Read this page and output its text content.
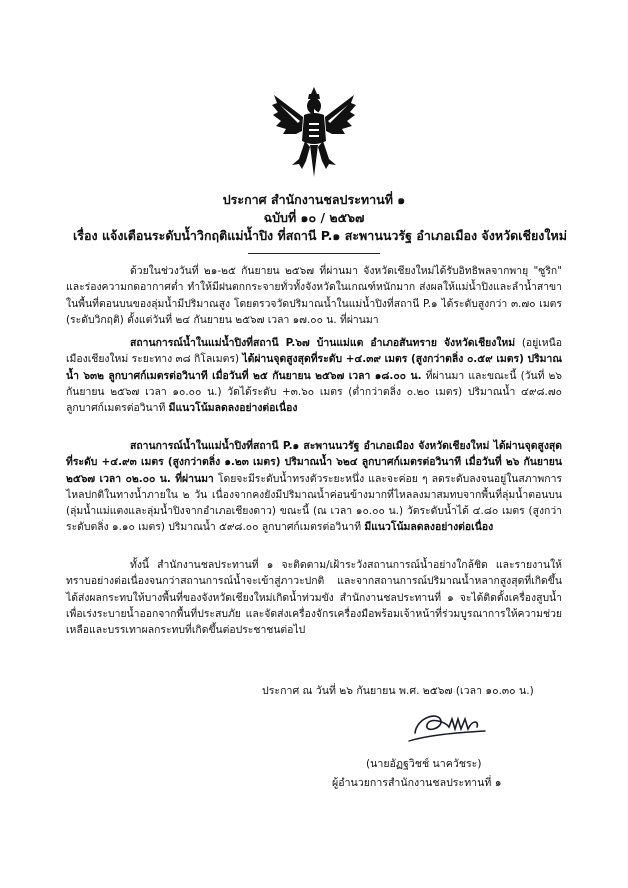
ประกาศ สำนักงานชลประทานที่ ๑
ฉบับที่ ๑๐ / ๒๕๖๗
เรื่อง แจ้งเตือนระดับน้ำวิกฤติแม่น้ำปิง ที่สถานี P.๑ สะพานนวรัฐ อำเภอเมือง จังหวัดเชียงใหม่
ด้วยในช่วงวันที่ ๒๑-๒๕ กันยายน ๒๕๖๗ ที่ผ่านมา จังหวัดเชียงใหม่ได้รับอิทธิพลจากพายุ "ซูริก" และร่องความกดอากาศต่ำ ทำให้มีฝนตกกระจายทั่วทั้งจังหวัดในเกณฑ์หนักมาก ส่งผลให้แม่น้ำปิงและลำน้ำสาขาในพื้นที่ตอนบนของลุ่มน้ำมีปริมาณสูง โดยตรวจวัดปริมาณน้ำในแม่น้ำปิงที่สถานี P.๑ ได้ระดับสูงกว่า ๓.๗๐ เมตร (ระดับวิกฤติ) ตั้งแต่วันที่ ๒๔ กันยายน ๒๕๖๗ เวลา ๑๗.๐๐ น. ที่ผ่านมา
สถานการณ์น้ำในแม่น้ำปิงที่สถานี P.๖๗ บ้านแม่แต อำเภอสันทราย จังหวัดเชียงใหม่ (อยู่เหนือเมืองเชียงใหม่ ระยะทาง ๓๘ กิโลเมตร) ได้ผ่านจุดสูงสุดที่ระดับ +๔.๓๙ เมตร (สูงกว่าตลิ่ง ๐.๕๙ เมตร) ปริมาณน้ำ ๖๓๒ ลูกบาศก์เมตรต่อวินาที เมื่อวันที่ ๒๕ กันยายน ๒๕๖๗ เวลา ๑๘.๐๐ น. ที่ผ่านมา และขณะนี้ (วันที่ ๒๖ กันยายน ๒๕๖๗ เวลา ๑๐.๐๐ น.) วัดได้ระดับ +๓.๖๐ เมตร (ต่ำกว่าตลิ่ง ๐.๒๐ เมตร) ปริมาณน้ำ ๔๙๘.๗๐ ลูกบาศก์เมตรต่อวินาที มีแนวโน้มลดลงอย่างต่อเนื่อง
สถานการณ์น้ำในแม่น้ำปิงที่สถานี P.๑ สะพานนวรัฐ อำเภอเมือง จังหวัดเชียงใหม่ ได้ผ่านจุดสูงสุดที่ระดับ +๔.๙๓ เมตร (สูงกว่าตลิ่ง ๑.๒๓ เมตร) ปริมาณน้ำ ๖๒๔ ลูกบาศก์เมตรต่อวินาที เมื่อวันที่ ๒๖ กันยายน ๒๕๖๗ เวลา ๐๒.๐๐ น. ที่ผ่านมา โดยจะมีระดับน้ำทรงตัวระยะหนึ่ง และจะค่อย ๆ ลดระดับลงจนอยู่ในสภาพการไหลปกติในทางน้ำภายใน ๒ วัน เนื่องจากคงยังมีปริมาณน้ำค่อนข้างมากที่ไหลลงมาสมทบจากพื้นที่ลุ่มน้ำตอนบน (ลุ่มน้ำแม่แตงและลุ่มน้ำปิงจากอำเภอเชียงดาว) ขณะนี้ (ณ เวลา ๑๐.๐๐ น.) วัดระดับน้ำได้ ๔.๘๐ เมตร (สูงกว่าระดับตลิ่ง ๑.๑๐ เมตร) ปริมาณน้ำ ๕๙๘.๐๐ ลูกบาศก์เมตรต่อวินาที มีแนวโน้มลดลงอย่างต่อเนื่อง
ทั้งนี้ สำนักงานชลประทานที่ ๑ จะติดตาม/เฝ้าระวังสถานการณ์น้ำอย่างใกล้ชิด และรายงานให้ทราบอย่างต่อเนื่องจนกว่าสถานการณ์น้ำจะเข้าสู่ภาวะปกติ และจากสถานการณ์ปริมาณน้ำหลากสูงสุดที่เกิดขึ้น ได้ส่งผลกระทบให้บางพื้นที่ของจังหวัดเชียงใหม่เกิดน้ำท่วมขัง สำนักงานชลประทานที่ ๑ จะได้ติดตั้งเครื่องสูบน้ำเพื่อเร่งระบายน้ำออกจากพื้นที่ประสบภัย และจัดส่งเครื่องจักรเครื่องมือพร้อมเจ้าหน้าที่ร่วมบูรณาการให้ความช่วยเหลือและบรรเทาผลกระทบที่เกิดขึ้นต่อประชาชนต่อไป
ประกาศ ณ วันที่ ๒๖ กันยายน พ.ศ. ๒๕๖๗ (เวลา ๑๐.๓๐ น.)
(นายอัฏฐวิชช์ นาควัชระ)
ผู้อำนวยการสำนักงานชลประทานที่ ๑
